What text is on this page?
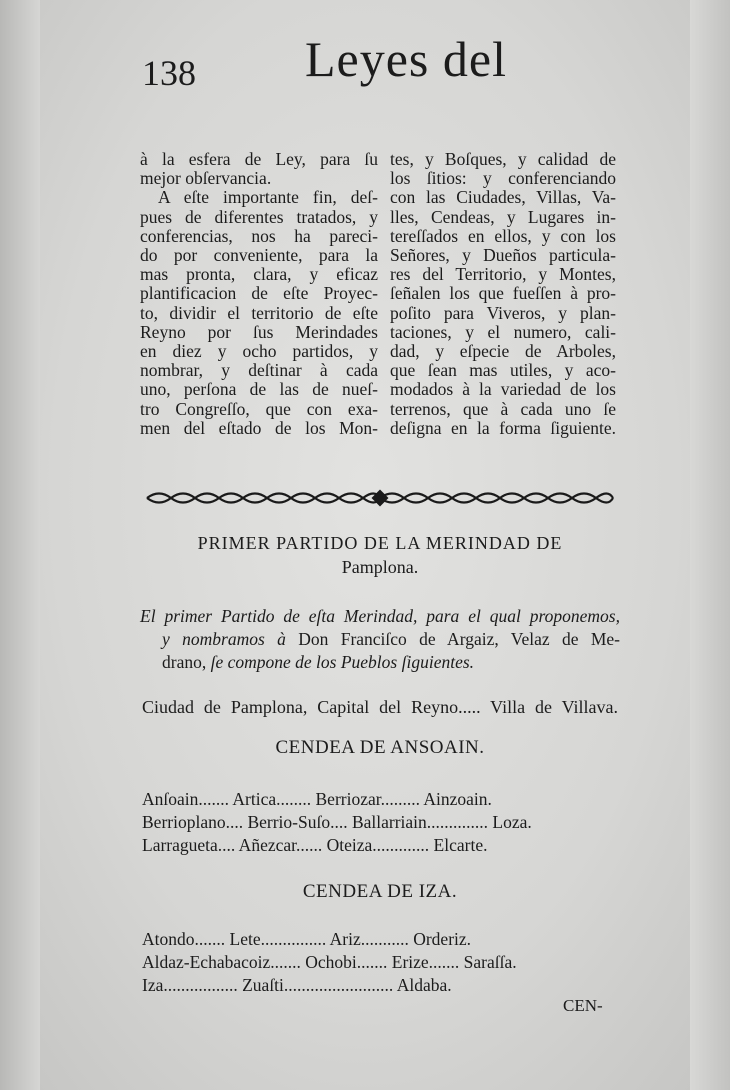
138 Leyes del
à la esfera de Ley, para ſu
mejor obſervancia.
A eſte importante fin, deſ-
pues de diferentes tratados, y
conferencias, nos ha pareci-
do por conveniente, para la
mas pronta, clara, y eficaz
plantificacion de eſte Proyec-
to, dividir el territorio de eſte
Reyno por ſus Merindades
en diez y ocho partidos, y
nombrar, y deſtinar à cada
uno, perſona de las de nueſ-
tro Congreſſo, que con exa-
men del eſtado de los Mon-
tes, y Boſques, y calidad de
los ſitios: y conferenciando
con las Ciudades, Villas, Va-
lles, Cendeas, y Lugares in-
tereſſados en ellos, y con los
Señores, y Dueños particula-
res del Territorio, y Montes,
ſeñalen los que fueſſen à pro-
poſito para Viveros, y plan-
taciones, y el numero, cali-
dad, y eſpecie de Arboles,
que ſean mas utiles, y aco-
modados à la variedad de los
terrenos, que à cada uno ſe
deſigna en la forma ſiguiente.
PRIMER PARTIDO DE LA MERINDAD DE
Pamplona.
El primer Partido de eſta Merindad, para el qual proponemos,
y nombramos à Don Franciſco de Argaiz, Velaz de Me-
drano, ſe compone de los Pueblos ſiguientes.
Ciudad de Pamplona, Capital del Reyno..... Villa de Villava.
CENDEA DE ANSOAIN.
Anſoain....... Artica........ Berriozar......... Ainzoain.
Berrioplano.... Berrio-Suſo.... Ballarriain.............. Loza.
Larragueta.... Añezcar...... Oteiza............. Elcarte.
CENDEA DE IZA.
Atondo....... Lete............... Ariz........... Orderiz.
Aldaz-Echabacoiz....... Ochobi....... Erize....... Saraſſa.
Iza................. Zuaſti......................... Aldaba.
CEN-
